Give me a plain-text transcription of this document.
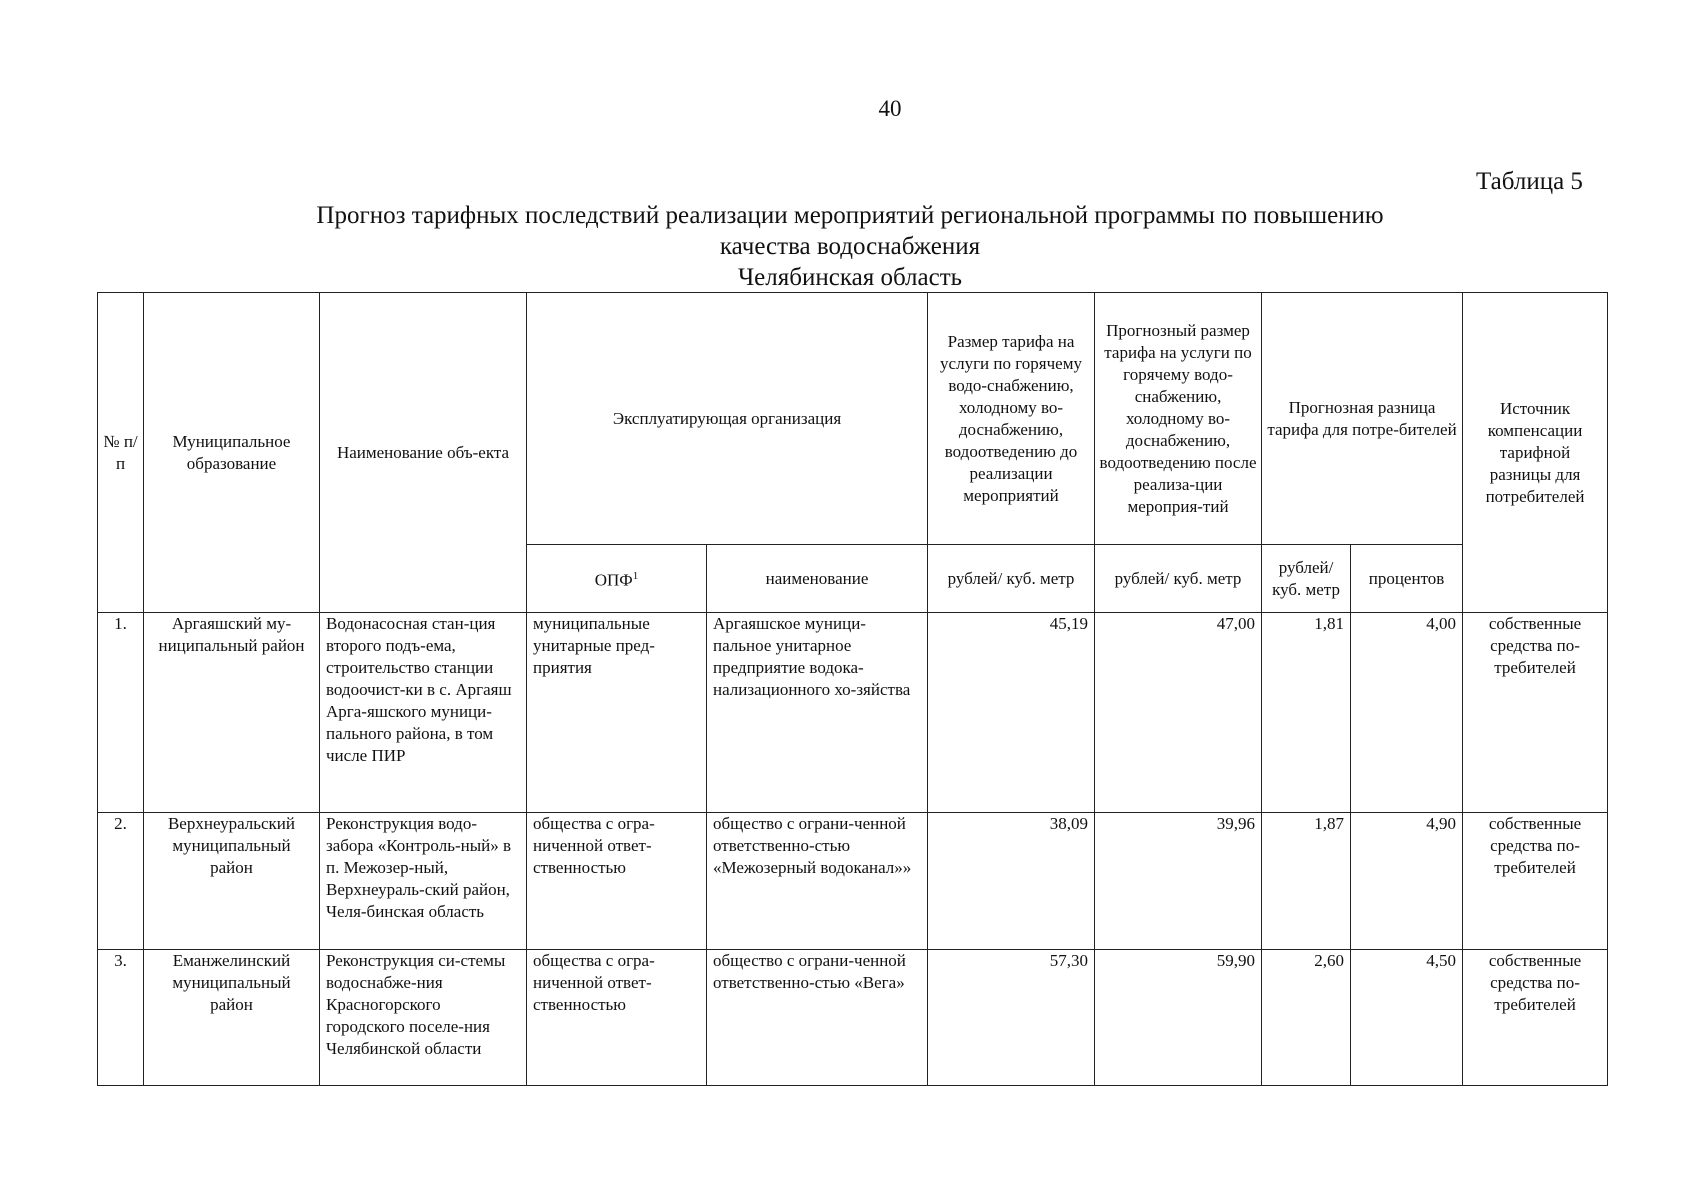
40
Таблица 5
Прогноз тарифных последствий реализации мероприятий региональной программы по повышению
качества водоснабжения
Челябинская область
№ п/п	Муниципальное образование	Наименование объ-екта	Эксплуатирующая организация		Размер тарифа на услуги по горячему водо-снабжению, холодному во-доснабжению, водоотведению до реализации мероприятий	Прогнозный размер тарифа на услуги по горячему водо-снабжению, холодному во-доснабжению, водоотведению после реализа-ции мероприя-тий	Прогнозная разница тарифа для потре-бителей		Источник компенсации тарифной разницы для потребителей
			ОПФ$^1$	наименование	рублей/ куб. метр	рублей/ куб. метр	рублей/ куб. метр	процентов	
1.	Аргаяшский му-ниципальный район	Водонасосная стан-ция второго подъ-ема, строительство станции водоочист-ки в с. Аргаяш Арга-яшского муници-пального района, в том числе ПИР	муниципальные унитарные пред-приятия	Аргаяшское муници-пальное унитарное предприятие водока-нализационного хо-зяйства	45,19	47,00	1,81	4,00	собственные средства по-требителей
2.	Верхнеуральский муниципальный район	Реконструкция водо-забора «Контроль-ный» в п. Межозер-ный, Верхнеураль-ский район, Челя-бинская область	общества с огра-ниченной ответ-ственностью	общество с ограни-ченной ответственно-стью «Межозерный водоканал»»	38,09	39,96	1,87	4,90	собственные средства по-требителей
3.	Еманжелинский муниципальный район	Реконструкция си-стемы водоснабже-ния Красногорского городского поселе-ния Челябинской области	общества с огра-ниченной ответ-ственностью	общество с ограни-ченной ответственно-стью «Вега»	57,30	59,90	2,60	4,50	собственные средства по-требителей
